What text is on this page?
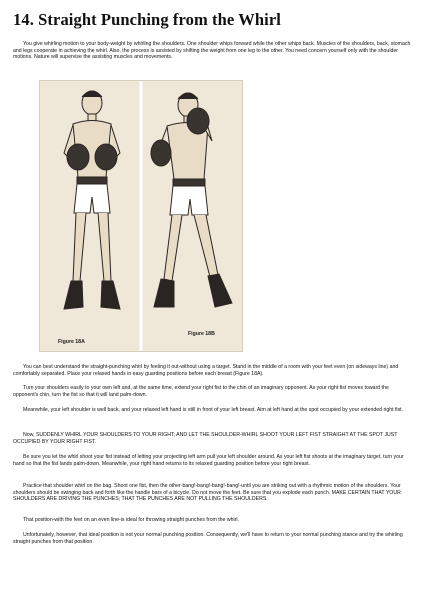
14. Straight Punching from the Whirl

You give whirling motion to your body-weight by whirling the shoulders. One shoulder whips forward while the other whips back. Muscles of the shoulders, back, stomach and legs cooperate in achieving the whirl. Also, the process is assisted by shifting the weight from one leg to the other. You need concern yourself only with the shoulder motions. Nature will supervise the assisting muscles and movements.

Figure 18A
Figure 18B

You can best understand the straight-punching whirl by feeling it out-without using a target. Stand in the middle of a room with your feet even (on sideways line) and comfortably separated. Place your relaxed hands in easy guarding positions before each breast (Figure 18A).

Turn your shoulders easily to your own left and, at the same time, extend your right fist to the chin of an imaginary opponent. As your right fist moves toward the opponent's chin, turn the fist so that it will land palm-down.

Meanwhile, your left shoulder is well back, and your relaxed left hand is still in front of your left breast. Aim at left hand at the spot occupied by your extended right fist.

Now, SUDDENLY WHIRL YOUR SHOULDERS TO YOUR RIGHT; AND LET THE SHOULDER-WHIRL SHOOT YOUR LEFT FIST STRAIGHT AT THE SPOT JUST OCCUPIED BY YOUR RIGHT FIST.

Be sure you let the whirl shoot your fist instead of letting your projecting left arm pull your left shoulder around. As your left fist shoots at the imaginary target, turn your hand so that the fist lands palm-down. Meanwhile, your right hand returns to its relaxed guarding position before your right breast.

Practice that shoulder whirl on the bag. Shoot one fist, then the other-bang!-bang!-bang!-bang!-until you are striking out with a rhythmic motion of the shoulders. Your shoulders should be swinging back and forth like the handle bars of a bicycle. Do not move the feet. Be sure that you explode each punch. MAKE CERTAIN THAT YOUR SHOULDERS ARE DRIVING THE PUNCHES; THAT THE PUNCHES ARE NOT PULLING THE SHOULDERS.

That position-with the feet on an even line-is ideal for throwing straight punches from the whirl.

Unfortunately, however, that ideal position is not your normal punching position. Consequently, we'll have to return to your normal punching stance and try the whirling straight punches from that position.
